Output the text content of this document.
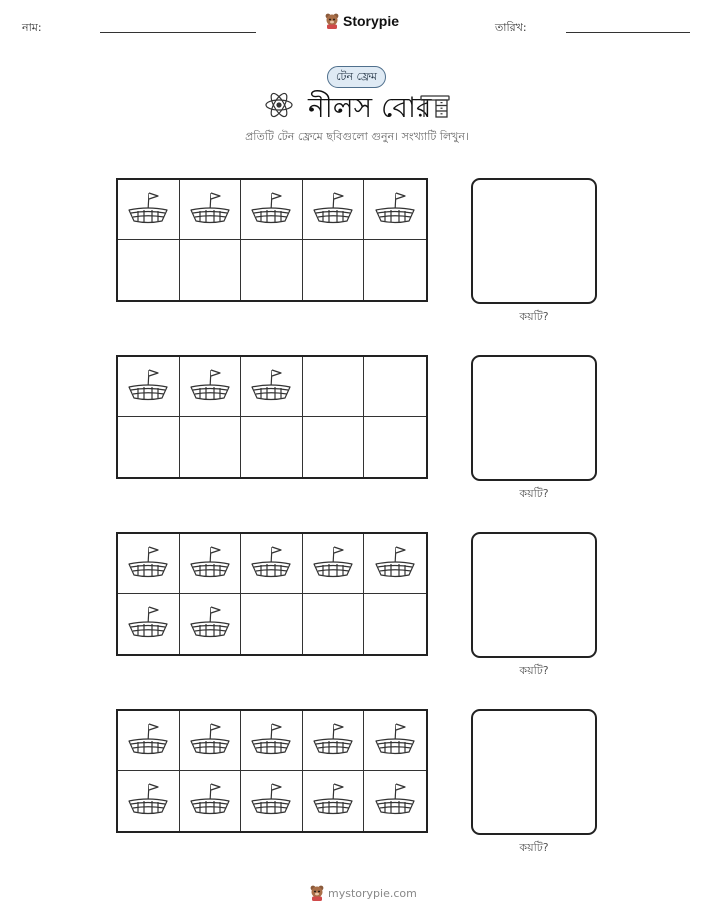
নাম:	Storypie	তারিখ:
টেন ফ্রেম
নীলস বোর
প্রতিটি টেন ফ্রেমে ছবিগুলো গুনুন। সংখ্যাটি লিখুন।
কয়টি?
কয়টি?
কয়টি?
কয়টি?
mystorypie.com
